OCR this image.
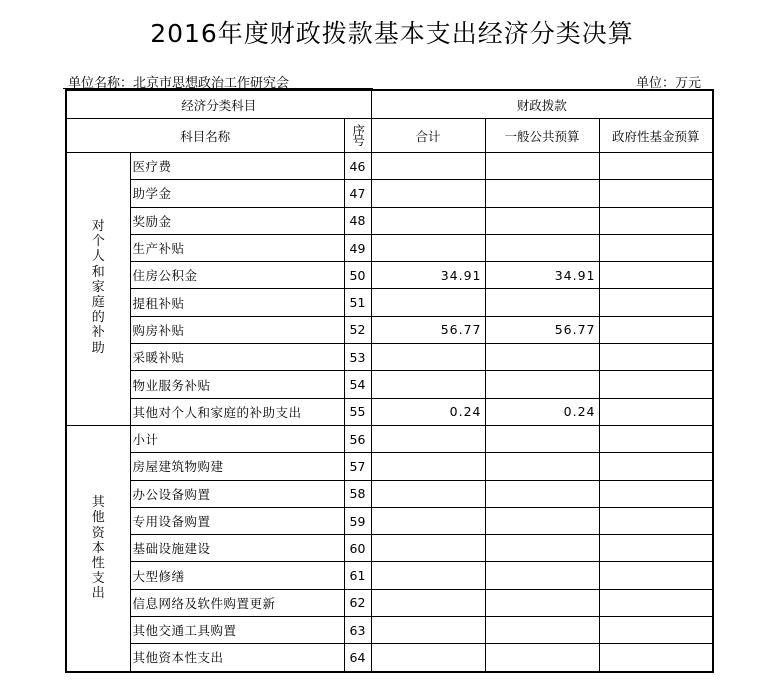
2016年度财政拨款基本支出经济分类决算
单位名称：北京市思想政治工作研究会	单位：万元
经济分类科目			财政拨款		
科目名称		序号	合计	一般公共预算	政府性基金预算
对个人和家庭的补助	医疗费	46			
	助学金	47			
	奖励金	48			
	生产补贴	49			
	住房公积金	50	34.91	34.91	
	提租补贴	51			
	购房补贴	52	56.77	56.77	
	采暖补贴	53			
	物业服务补贴	54			
	其他对个人和家庭的补助支出	55	0.24	0.24	
其他资本性支出	小计	56			
	房屋建筑物购建	57			
	办公设备购置	58			
	专用设备购置	59			
	基础设施建设	60			
	大型修缮	61			
	信息网络及软件购置更新	62			
	其他交通工具购置	63			
	其他资本性支出	64			
